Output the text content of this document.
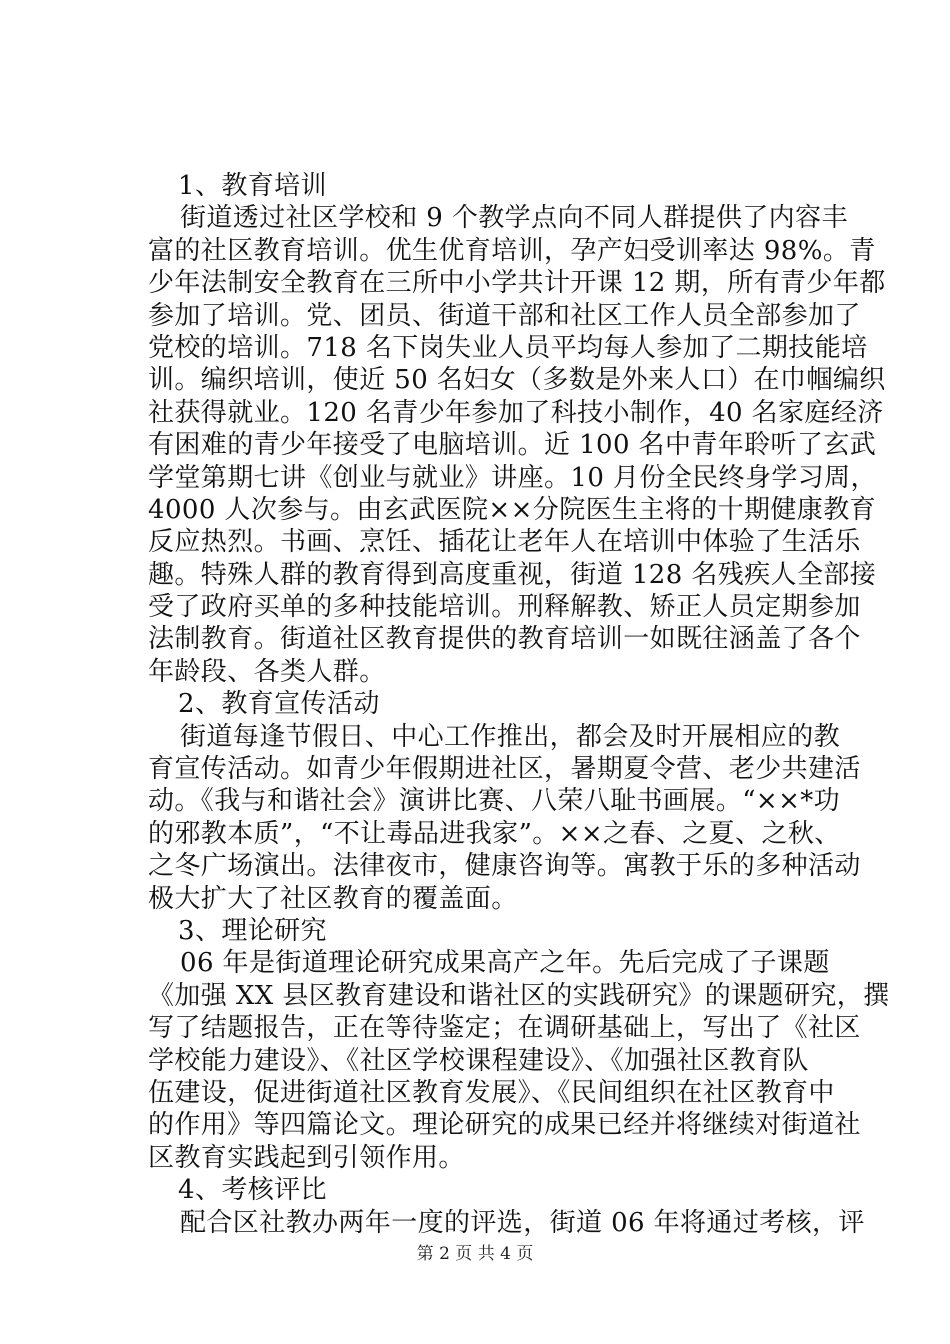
1、教育培训
街道透过社区学校和 9 个教学点向不同人群提供了内容丰
富的社区教育培训。优生优育培训，孕产妇受训率达 98%。青
少年法制安全教育在三所中小学共计开课 12 期，所有青少年都
参加了培训。党、团员、街道干部和社区工作人员全部参加了
党校的培训。718 名下岗失业人员平均每人参加了二期技能培
训。编织培训，使近 50 名妇女（多数是外来人口）在巾帼编织
社获得就业。120 名青少年参加了科技小制作，40 名家庭经济
有困难的青少年接受了电脑培训。近 100 名中青年聆听了玄武
学堂第期七讲《创业与就业》讲座。10 月份全民终身学习周，
4000 人次参与。由玄武医院××分院医生主将的十期健康教育
反应热烈。书画、烹饪、插花让老年人在培训中体验了生活乐
趣。特殊人群的教育得到高度重视，街道 128 名残疾人全部接
受了政府买单的多种技能培训。刑释解教、矫正人员定期参加
法制教育。街道社区教育提供的教育培训一如既往涵盖了各个
年龄段、各类人群。
2、教育宣传活动
街道每逢节假日、中心工作推出，都会及时开展相应的教
育宣传活动。如青少年假期进社区，暑期夏令营、老少共建活
动。《我与和谐社会》演讲比赛、八荣八耻书画展。“××*功
的邪教本质”，“不让毒品进我家”。××之春、之夏、之秋、
之冬广场演出。法律夜市，健康咨询等。寓教于乐的多种活动
极大扩大了社区教育的覆盖面。
3、理论研究
06 年是街道理论研究成果高产之年。先后完成了子课题
《加强 XX 县区教育建设和谐社区的实践研究》的课题研究，撰
写了结题报告，正在等待鉴定；在调研基础上，写出了《社区
学校能力建设》、《社区学校课程建设》、《加强社区教育队
伍建设，促进街道社区教育发展》、《民间组织在社区教育中
的作用》等四篇论文。理论研究的成果已经并将继续对街道社
区教育实践起到引领作用。
4、考核评比
配合区社教办两年一度的评选，街道 06 年将通过考核，评
第 2 页 共 4 页
